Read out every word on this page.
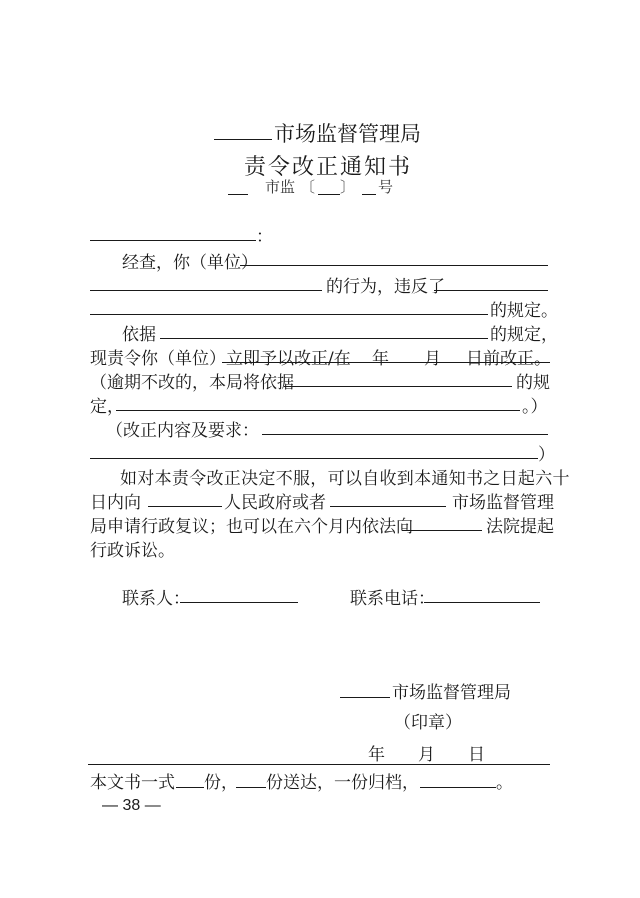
市场监督管理局
责令改正通知书
市监 〔 〕 号
：
经查，你（单位）
的行为，违反了
的规定。
依据	的规定，
现责令你（单位）立即予以改正/在 年 月 日前改正。
（逾期不改的，本局将依据	的规
定，	。）
（改正内容及要求：
）
如对本责令改正决定不服，可以自收到本通知书之日起六十
日内向	人民政府或者	市场监督管理
局申请行政复议；也可以在六个月内依法向	法院提起
行政诉讼。
联系人：	联系电话：
市场监督管理局
（印章）
年 月 日
本文书一式 份， 份送达，一份归档，	。
— 38 —
